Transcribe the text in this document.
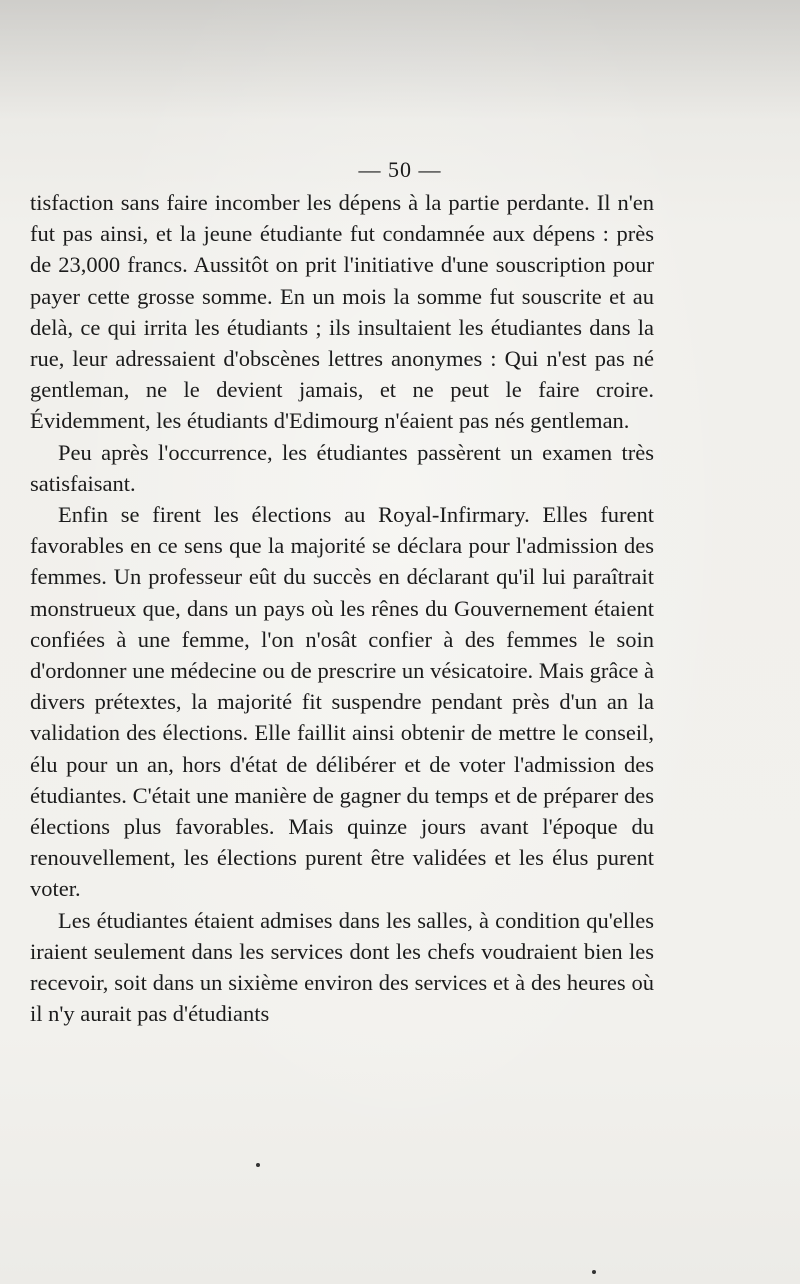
— 50 —

tisfaction sans faire incomber les dépens à la partie perdante. Il n'en fut pas ainsi, et la jeune étudiante fut condamnée aux dépens : près de 23,000 francs. Aussitôt on prit l'initiative d'une souscription pour payer cette grosse somme. En un mois la somme fut souscrite et au delà, ce qui irrita les étudiants ; ils insultaient les étudiantes dans la rue, leur adressaient d'obscènes lettres anonymes : Qui n'est pas né gentleman, ne le devient jamais, et ne peut le faire croire. Évidemment, les étudiants d'Edimourg n'éaient pas nés gentleman.

Peu après l'occurrence, les étudiantes passèrent un examen très satisfaisant.

Enfin se firent les élections au Royal-Infirmary. Elles furent favorables en ce sens que la majorité se déclara pour l'admission des femmes. Un professeur eût du succès en déclarant qu'il lui paraîtrait monstrueux que, dans un pays où les rênes du Gouvernement étaient confiées à une femme, l'on n'osât confier à des femmes le soin d'ordonner une médecine ou de prescrire un vésicatoire. Mais grâce à divers prétextes, la majorité fit suspendre pendant près d'un an la validation des élections. Elle faillit ainsi obtenir de mettre le conseil, élu pour un an, hors d'état de délibérer et de voter l'admission des étudiantes. C'était une manière de gagner du temps et de préparer des élections plus favorables. Mais quinze jours avant l'époque du renouvellement, les élections purent être validées et les élus purent voter.

Les étudiantes étaient admises dans les salles, à condition qu'elles iraient seulement dans les services dont les chefs voudraient bien les recevoir, soit dans un sixième environ des services et à des heures où il n'y aurait pas d'étudiants
